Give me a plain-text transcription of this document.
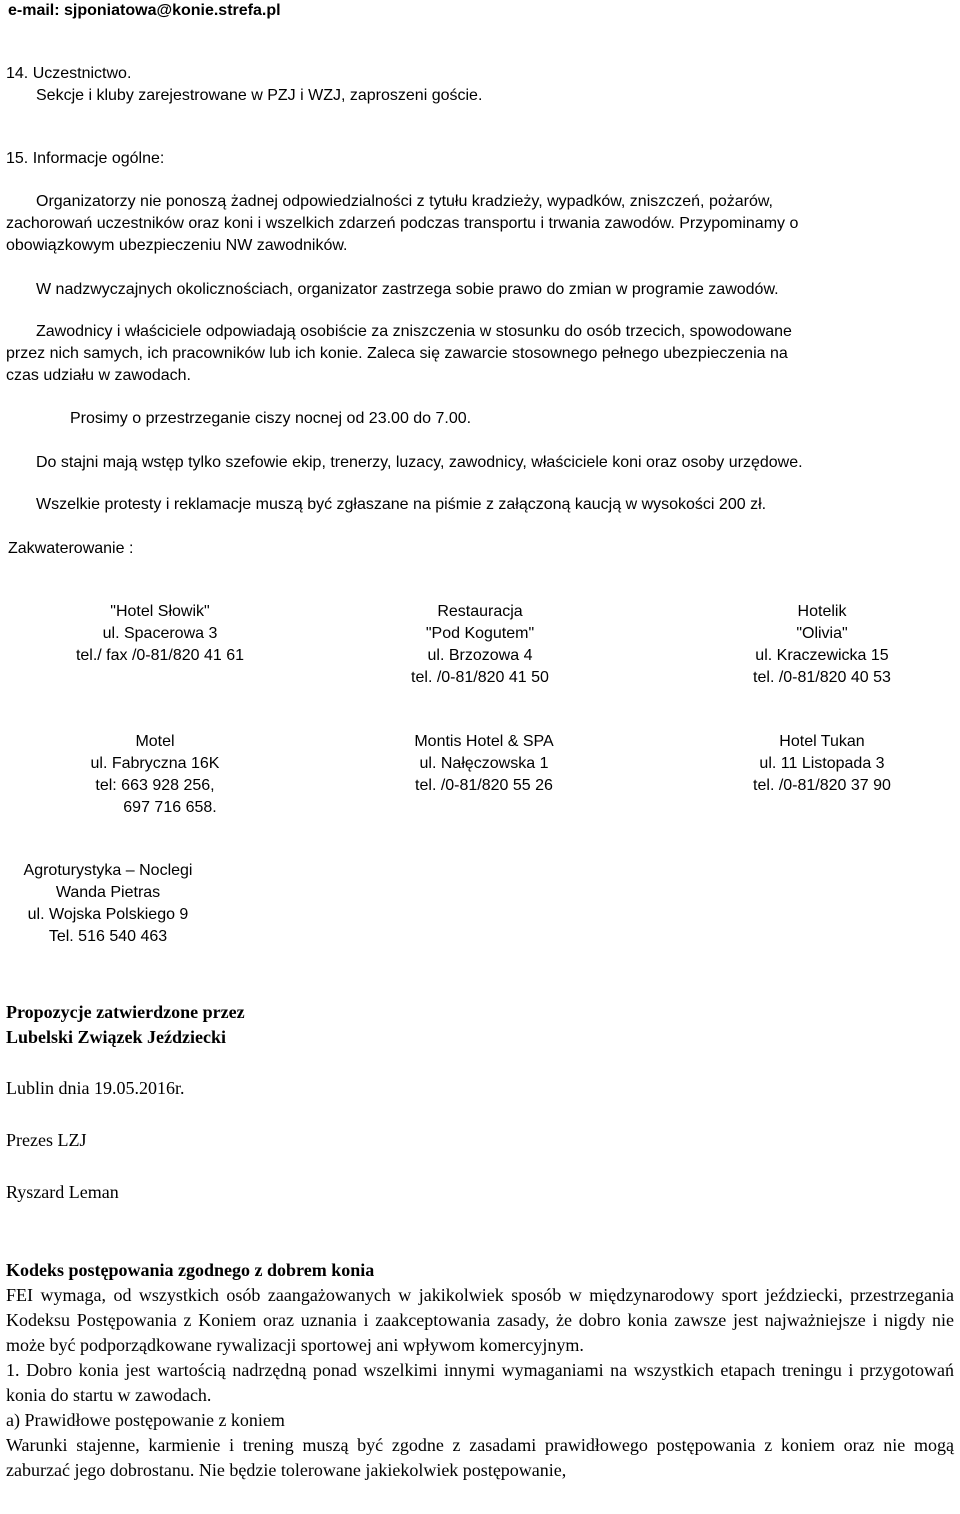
e-mail: sjponiatowa@konie.strefa.pl
14. Uczestnictwo.
Sekcje i kluby zarejestrowane w PZJ i WZJ, zaproszeni goście.
15. Informacje ogólne:
Organizatorzy nie ponoszą żadnej odpowiedzialności z tytułu kradzieży, wypadków, zniszczeń, pożarów,
zachorowań uczestników oraz koni i wszelkich zdarzeń podczas transportu i trwania zawodów. Przypominamy o
obowiązkowym ubezpieczeniu NW zawodników.
W nadzwyczajnych okolicznościach, organizator zastrzega sobie prawo do zmian w programie zawodów.
Zawodnicy i właściciele odpowiadają osobiście za zniszczenia w stosunku do osób trzecich, spowodowane
przez nich samych, ich pracowników lub ich konie. Zaleca się zawarcie stosownego pełnego ubezpieczenia na
czas udziału w zawodach.
Prosimy o przestrzeganie ciszy nocnej od 23.00 do 7.00.
Do stajni mają wstęp tylko szefowie ekip, trenerzy, luzacy, zawodnicy, właściciele koni oraz osoby urzędowe.
Wszelkie protesty i reklamacje muszą być zgłaszane na piśmie z załączoną kaucją w wysokości 200 zł.
Zakwaterowanie :
"Hotel Słowik"
ul. Spacerowa 3
tel./ fax /0-81/820 41 61
Restauracja
"Pod Kogutem"
ul. Brzozowa 4
tel. /0-81/820 41 50
Hotelik
"Olivia"
ul. Kraczewicka 15
tel. /0-81/820 40 53
Motel
ul. Fabryczna 16K
tel: 663 928 256,
697 716 658.
Montis Hotel & SPA
ul. Nałęczowska 1
tel. /0-81/820 55 26
Hotel Tukan
ul. 11 Listopada 3
tel. /0-81/820 37 90
Agroturystyka – Noclegi
Wanda Pietras
ul. Wojska Polskiego 9
Tel. 516 540 463
Propozycje zatwierdzone przez
Lubelski Związek Jeździecki
Lublin dnia 19.05.2016r.
Prezes LZJ
Ryszard Leman
Kodeks postępowania zgodnego z dobrem konia

FEI wymaga, od wszystkich osób zaangażowanych w jakikolwiek sposób w międzynarodowy sport jeździecki, przestrzegania Kodeksu Postępowania z Koniem oraz uznania i zaakceptowania zasady, że dobro konia zawsze jest najważniejsze i nigdy nie może być podporządkowane rywalizacji sportowej ani wpływom komercyjnym.

1. Dobro konia jest wartością nadrzędną ponad wszelkimi innymi wymaganiami na wszystkich etapach treningu i przygotowań konia do startu w zawodach.

a) Prawidłowe postępowanie z koniem

Warunki stajenne, karmienie i trening muszą być zgodne z zasadami prawidłowego postępowania z koniem oraz nie mogą zaburzać jego dobrostanu. Nie będzie tolerowane jakiekolwiek postępowanie,
